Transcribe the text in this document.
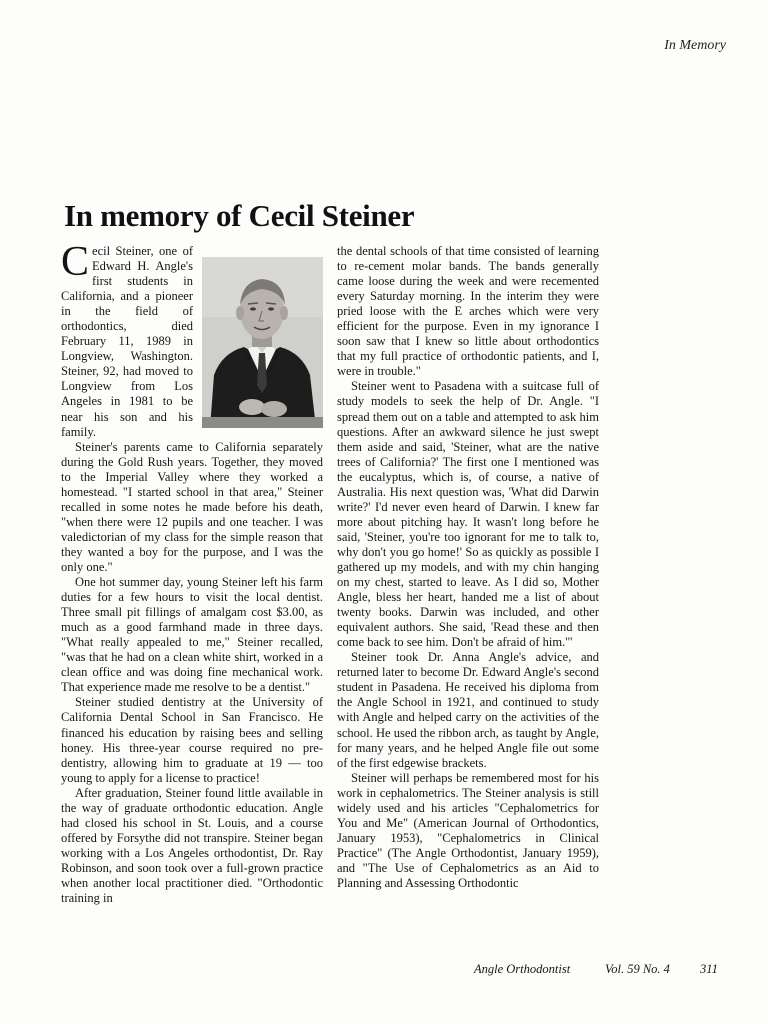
In Memory
In memory of Cecil Steiner

Cecil Steiner, one of Edward H. Angle's first students in California, and a pioneer in the field of orthodontics, died February 11, 1989 in Longview, Washington. Steiner, 92, had moved to Longview from Los Angeles in 1981 to be near his son and his family.

Steiner's parents came to California separately during the Gold Rush years. Together, they moved to the Imperial Valley where they worked a homestead. "I started school in that area," Steiner recalled in some notes he made before his death, "when there were 12 pupils and one teacher. I was valedictorian of my class for the simple reason that they wanted a boy for the purpose, and I was the only one."

One hot summer day, young Steiner left his farm duties for a few hours to visit the local dentist. Three small pit fillings of amalgam cost $3.00, as much as a good farmhand made in three days. "What really appealed to me," Steiner recalled, "was that he had on a clean white shirt, worked in a clean office and was doing fine mechanical work. That experience made me resolve to be a dentist."

Steiner studied dentistry at the University of California Dental School in San Francisco. He financed his education by raising bees and selling honey. His three-year course required no pre-dentistry, allowing him to graduate at 19 — too young to apply for a license to practice!

After graduation, Steiner found little available in the way of graduate orthodontic education. Angle had closed his school in St. Louis, and a course offered by Forsythe did not transpire. Steiner began working with a Los Angeles orthodontist, Dr. Ray Robinson, and soon took over a full-grown practice when another local practitioner died. "Orthodontic training in

the dental schools of that time consisted of learning to re-cement molar bands. The bands generally came loose during the week and were recemented every Saturday morning. In the interim they were pried loose with the E arches which were very efficient for the purpose. Even in my ignorance I soon saw that I knew so little about orthodontics that my full practice of orthodontic patients, and I, were in trouble."

Steiner went to Pasadena with a suitcase full of study models to seek the help of Dr. Angle. "I spread them out on a table and attempted to ask him questions. After an awkward silence he just swept them aside and said, 'Steiner, what are the native trees of California?' The first one I mentioned was the eucalyptus, which is, of course, a native of Australia. His next question was, 'What did Darwin write?' I'd never even heard of Darwin. I knew far more about pitching hay. It wasn't long before he said, 'Steiner, you're too ignorant for me to talk to, why don't you go home!' So as quickly as possible I gathered up my models, and with my chin hanging on my chest, started to leave. As I did so, Mother Angle, bless her heart, handed me a list of about twenty books. Darwin was included, and other equivalent authors. She said, 'Read these and then come back to see him. Don't be afraid of him.'"

Steiner took Dr. Anna Angle's advice, and returned later to become Dr. Edward Angle's second student in Pasadena. He received his diploma from the Angle School in 1921, and continued to study with Angle and helped carry on the activities of the school. He used the ribbon arch, as taught by Angle, for many years, and he helped Angle file out some of the first edgewise brackets.

Steiner will perhaps be remembered most for his work in cephalometrics. The Steiner analysis is still widely used and his articles "Cephalometrics for You and Me" (American Journal of Orthodontics, January 1953), "Cephalometrics in Clinical Practice" (The Angle Orthodontist, January 1959), and "The Use of Cephalometrics as an Aid to Planning and Assessing Orthodontic

Angle Orthodontist	Vol. 59 No. 4 311
